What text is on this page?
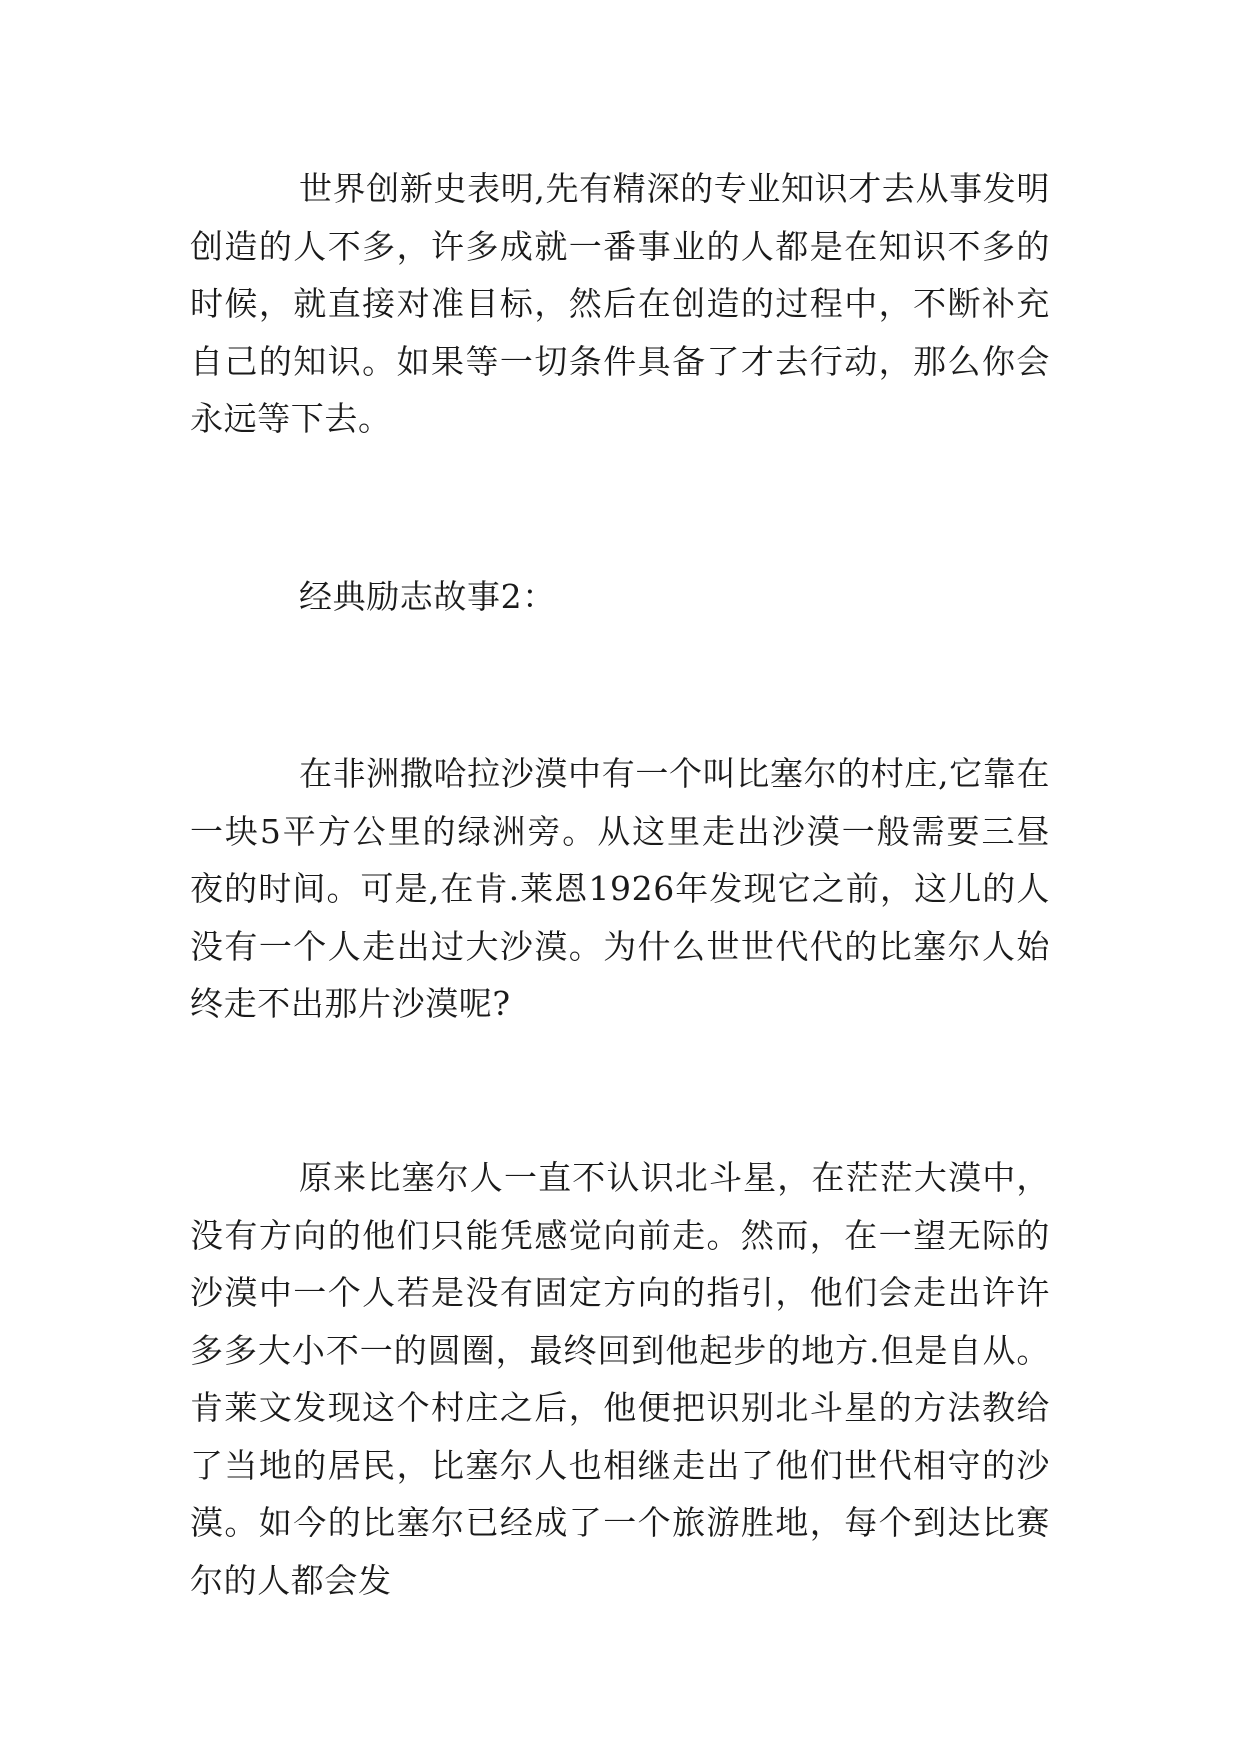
世界创新史表明,先有精深的专业知识才去从事发明创造的人不多，许多成就一番事业的人都是在知识不多的时候，就直接对准目标，然后在创造的过程中，不断补充自己的知识。如果等一切条件具备了才去行动，那么你会永远等下去。

经典励志故事2：

在非洲撒哈拉沙漠中有一个叫比塞尔的村庄,它靠在一块5平方公里的绿洲旁。从这里走出沙漠一般需要三昼夜的时间。可是,在肯.莱恩1926年发现它之前，这儿的人没有一个人走出过大沙漠。为什么世世代代的比塞尔人始终走不出那片沙漠呢?

原来比塞尔人一直不认识北斗星，在茫茫大漠中，没有方向的他们只能凭感觉向前走。然而，在一望无际的沙漠中一个人若是没有固定方向的指引，他们会走出许许多多大小不一的圆圈，最终回到他起步的地方.但是自从。肯莱文发现这个村庄之后，他便把识别北斗星的方法教给了当地的居民，比塞尔人也相继走出了他们世代相守的沙漠。如今的比塞尔已经成了一个旅游胜地，每个到达比赛尔的人都会发
